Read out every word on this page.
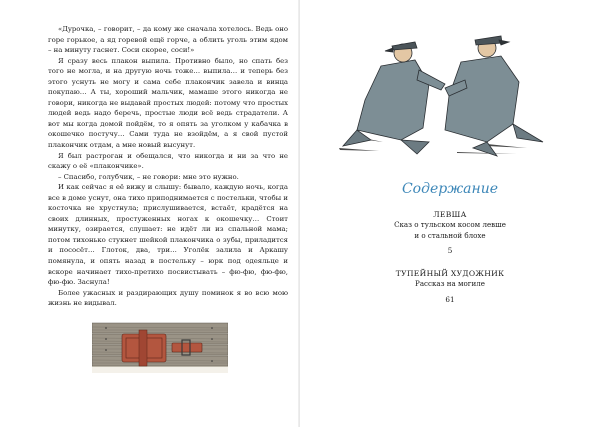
«Дурочка, – говорит, – да кому же сначала хотелось. Ведь оно горе горькое, а яд горевой ещё горче, а облить уголь этим ядом – на минуту гаснет. Соси скорее, соси!»

Я сразу весь плакон выпила. Противно было, но спать без того не могла, и на другую ночь тоже… выпила… и теперь без этого уснуть не могу и сама себе плакончик завела и винца покупаю… А ты, хороший мальчик, мамаше этого никогда не говори, никогда не выдавай простых людей: потому что простых людей ведь надо беречь, простые люди всё ведь страдатели. А вот мы когда домой пойдём, то я опять за уголком у кабачка в окошечко постучу… Сами туда не взойдём, а я свой пустой плакончик отдам, а мне новый высунут.

Я был растроган и обещался, что никогда и ни за что не скажу о её «плакончике».

– Спасибо, голубчик, – не говори: мне это нужно.

И как сейчас я её вижу и слышу: бывало, каждую ночь, когда все в доме уснут, она тихо приподнимается с постельки, чтобы и косточка не хрустнула; прислушивается, встаёт, крадётся на своих длинных, простуженных ногах к окошечку… Стоит минутку, озирается, слушает: не идёт ли из спальной мама; потом тихонько стукнет шейкой плакончика о зубы, приладится и пососёт… Глоток, два, три… Уголёк залила и Аркашу помянула, и опять назад в постельку – юрк под одеяльце и вскоре начинает тихо-претихо посвистывать – фю-фю, фю-фю, фю-фю. Заснула!

Более ужасных и раздирающих душу поминок я во всю мою жизнь не видывал.

Содержание
ЛЕВША
Сказ о тульском косом левше
и о стальной блохе
5
ТУПЕЙНЫЙ ХУДОЖНИК
Рассказ на могиле
61
